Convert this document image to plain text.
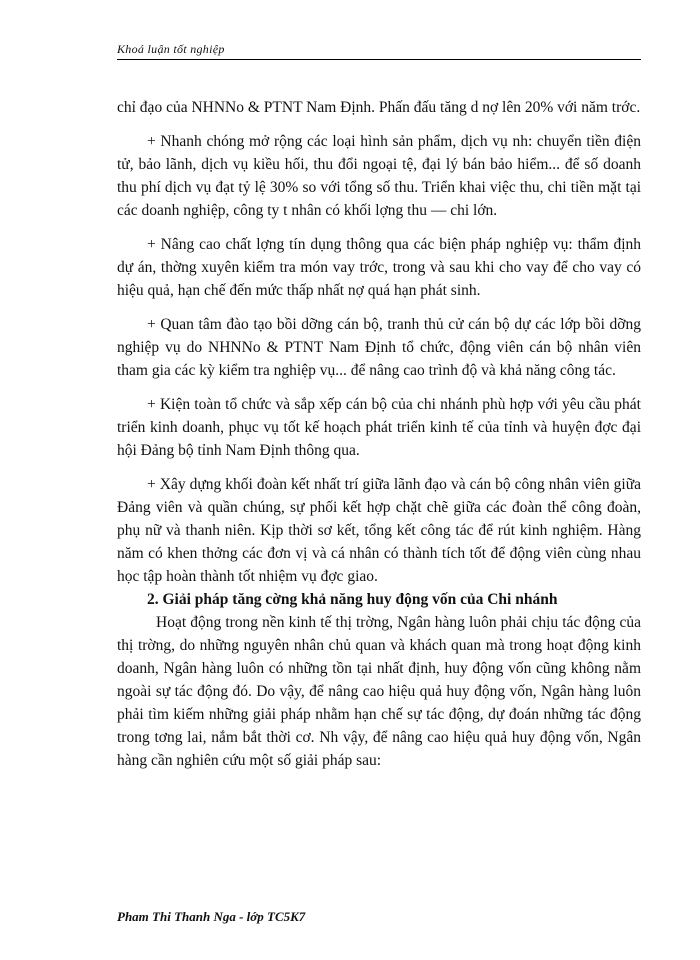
Khoá luận tốt nghiệp

chỉ đạo của NHNNo & PTNT Nam Định. Phấn đấu tăng d nợ lên 20% với năm trớc.

+ Nhanh chóng mở rộng các loại hình sản phẩm, dịch vụ nh: chuyển tiền điện tử, bảo lãnh, dịch vụ kiều hối, thu đổi ngoại tệ, đại lý bán bảo hiểm... để số doanh thu phí dịch vụ đạt tỷ lệ 30% so với tổng số thu. Triển khai việc thu, chi tiền mặt tại các doanh nghiệp, công ty t nhân có khối lợng thu — chi lớn.

+ Nâng cao chất lợng tín dụng thông qua các biện pháp nghiệp vụ: thẩm định dự án, thờng xuyên kiểm tra món vay trớc, trong và sau khi cho vay để cho vay có hiệu quả, hạn chế đến mức thấp nhất nợ quá hạn phát sinh.

+ Quan tâm đào tạo bồi dỡng cán bộ, tranh thủ cử cán bộ dự các lớp bồi dỡng nghiệp vụ do NHNNo & PTNT Nam Định tổ chức, động viên cán bộ nhân viên tham gia các kỳ kiểm tra nghiệp vụ... để nâng cao trình độ và khả năng công tác.

+ Kiện toàn tổ chức và sắp xếp cán bộ của chi nhánh phù hợp với yêu cầu phát triển kinh doanh, phục vụ tốt kế hoạch phát triển kinh tế của tỉnh và huyện đợc đại hội Đảng bộ tỉnh Nam Định thông qua.

+ Xây dựng khối đoàn kết nhất trí giữa lãnh đạo và cán bộ công nhân viên giữa Đảng viên và quần chúng, sự phối kết hợp chặt chẽ giữa các đoàn thể công đoàn, phụ nữ và thanh niên. Kịp thời sơ kết, tổng kết công tác để rút kinh nghiệm. Hàng năm có khen thởng các đơn vị và cá nhân có thành tích tốt để động viên cùng nhau học tập hoàn thành tốt nhiệm vụ đợc giao.

2. Giải pháp tăng cờng khả năng huy động vốn của Chi nhánh

Hoạt động trong nền kinh tế thị trờng, Ngân hàng luôn phải chịu tác động của thị trờng, do những nguyên nhân chủ quan và khách quan mà trong hoạt động kinh doanh, Ngân hàng luôn có những tồn tại nhất định, huy động vốn cũng không nằm ngoài sự tác động đó. Do vậy, để nâng cao hiệu quả huy động vốn, Ngân hàng luôn phải tìm kiếm những giải pháp nhằm hạn chế sự tác động, dự đoán những tác động trong tơng lai, nắm bắt thời cơ. Nh vậy, để nâng cao hiệu quả huy động vốn, Ngân hàng cần nghiên cứu một số giải pháp sau:

Pham Thi Thanh Nga - lớp TC5K7
